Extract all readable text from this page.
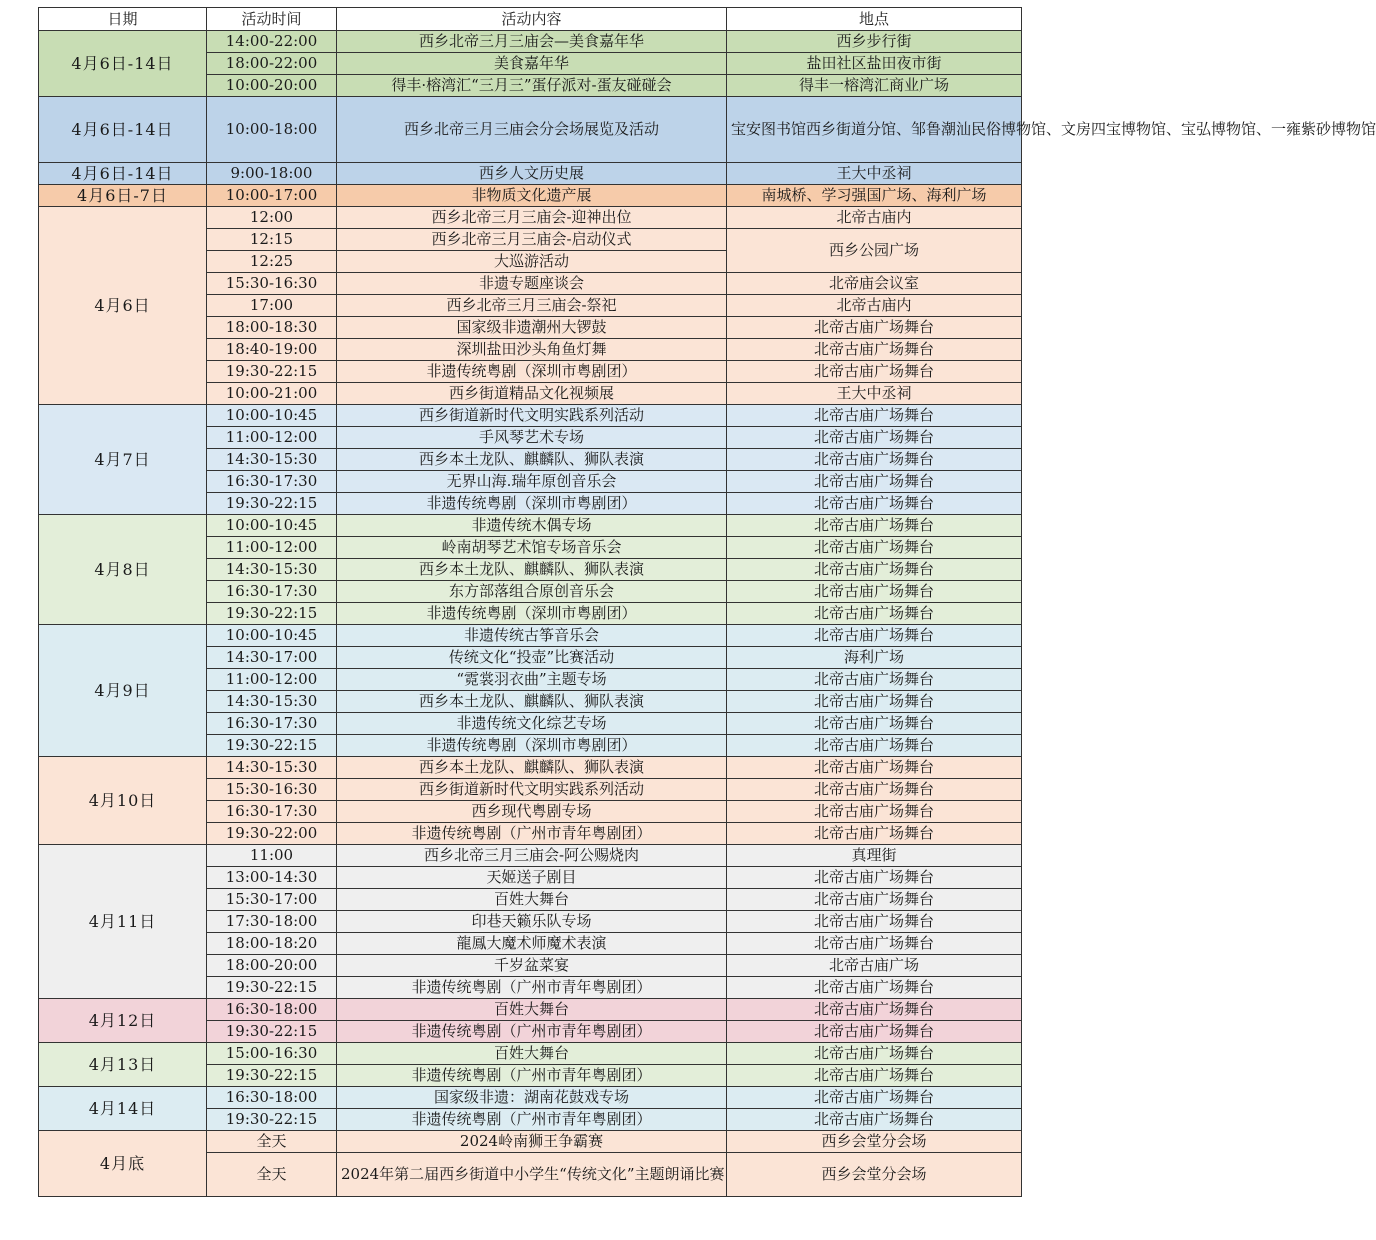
日期	活动时间	活动内容	地点
4月6日-14日	14:00-22:00	西乡北帝三月三庙会—美食嘉年华	西乡步行街
	18:00-22:00	美食嘉年华	盐田社区盐田夜市街
	10:00-20:00	得丰·榕湾汇“三月三”蛋仔派对-蛋友碰碰会	得丰一榕湾汇商业广场
4月6日-14日	10:00-18:00	西乡北帝三月三庙会分会场展览及活动	宝安图书馆西乡街道分馆、邹鲁潮汕民俗博物馆、文房四宝博物馆、宝弘博物馆、一雍紫砂博物馆
4月6日-14日	9:00-18:00	西乡人文历史展	王大中丞祠
4月6日-7日	10:00-17:00	非物质文化遗产展	南城桥、学习强国广场、海利广场
4月6日	12:00	西乡北帝三月三庙会-迎神出位	北帝古庙内
	12:15	西乡北帝三月三庙会-启动仪式	西乡公园广场
	12:25	大巡游活动	
	15:30-16:30	非遗专题座谈会	北帝庙会议室
	17:00	西乡北帝三月三庙会-祭祀	北帝古庙内
	18:00-18:30	国家级非遗潮州大锣鼓	北帝古庙广场舞台
	18:40-19:00	深圳盐田沙头角鱼灯舞	北帝古庙广场舞台
	19:30-22:15	非遗传统粤剧（深圳市粤剧团）	北帝古庙广场舞台
	10:00-21:00	西乡街道精品文化视频展	王大中丞祠
4月7日	10:00-10:45	西乡街道新时代文明实践系列活动	北帝古庙广场舞台
	11:00-12:00	手风琴艺术专场	北帝古庙广场舞台
	14:30-15:30	西乡本土龙队、麒麟队、狮队表演	北帝古庙广场舞台
	16:30-17:30	无界山海.瑞年原创音乐会	北帝古庙广场舞台
	19:30-22:15	非遗传统粤剧（深圳市粤剧团）	北帝古庙广场舞台
4月8日	10:00-10:45	非遗传统木偶专场	北帝古庙广场舞台
	11:00-12:00	岭南胡琴艺术馆专场音乐会	北帝古庙广场舞台
	14:30-15:30	西乡本土龙队、麒麟队、狮队表演	北帝古庙广场舞台
	16:30-17:30	东方部落组合原创音乐会	北帝古庙广场舞台
	19:30-22:15	非遗传统粤剧（深圳市粤剧团）	北帝古庙广场舞台
4月9日	10:00-10:45	非遗传统古筝音乐会	北帝古庙广场舞台
	14:30-17:00	传统文化“投壶”比赛活动	海利广场
	11:00-12:00	“霓裳羽衣曲”主题专场	北帝古庙广场舞台
	14:30-15:30	西乡本土龙队、麒麟队、狮队表演	北帝古庙广场舞台
	16:30-17:30	非遗传统文化综艺专场	北帝古庙广场舞台
	19:30-22:15	非遗传统粤剧（深圳市粤剧团）	北帝古庙广场舞台
4月10日	14:30-15:30	西乡本土龙队、麒麟队、狮队表演	北帝古庙广场舞台
	15:30-16:30	西乡街道新时代文明实践系列活动	北帝古庙广场舞台
	16:30-17:30	西乡现代粤剧专场	北帝古庙广场舞台
	19:30-22:00	非遗传统粤剧（广州市青年粤剧团）	北帝古庙广场舞台
4月11日	11:00	西乡北帝三月三庙会-阿公赐烧肉	真理街
	13:00-14:30	天姬送子剧目	北帝古庙广场舞台
	15:30-17:00	百姓大舞台	北帝古庙广场舞台
	17:30-18:00	印巷天籁乐队专场	北帝古庙广场舞台
	18:00-18:20	龍鳳大魔术师魔术表演	北帝古庙广场舞台
	18:00-20:00	千岁盆菜宴	北帝古庙广场
	19:30-22:15	非遗传统粤剧（广州市青年粤剧团）	北帝古庙广场舞台
4月12日	16:30-18:00	百姓大舞台	北帝古庙广场舞台
	19:30-22:15	非遗传统粤剧（广州市青年粤剧团）	北帝古庙广场舞台
4月13日	15:00-16:30	百姓大舞台	北帝古庙广场舞台
	19:30-22:15	非遗传统粤剧（广州市青年粤剧团）	北帝古庙广场舞台
4月14日	16:30-18:00	国家级非遗：湖南花鼓戏专场	北帝古庙广场舞台
	19:30-22:15	非遗传统粤剧（广州市青年粤剧团）	北帝古庙广场舞台
4月底	全天	2024岭南狮王争霸赛	西乡会堂分会场
	全天	2024年第二届西乡街道中小学生“传统文化”主题朗诵比赛	西乡会堂分会场
